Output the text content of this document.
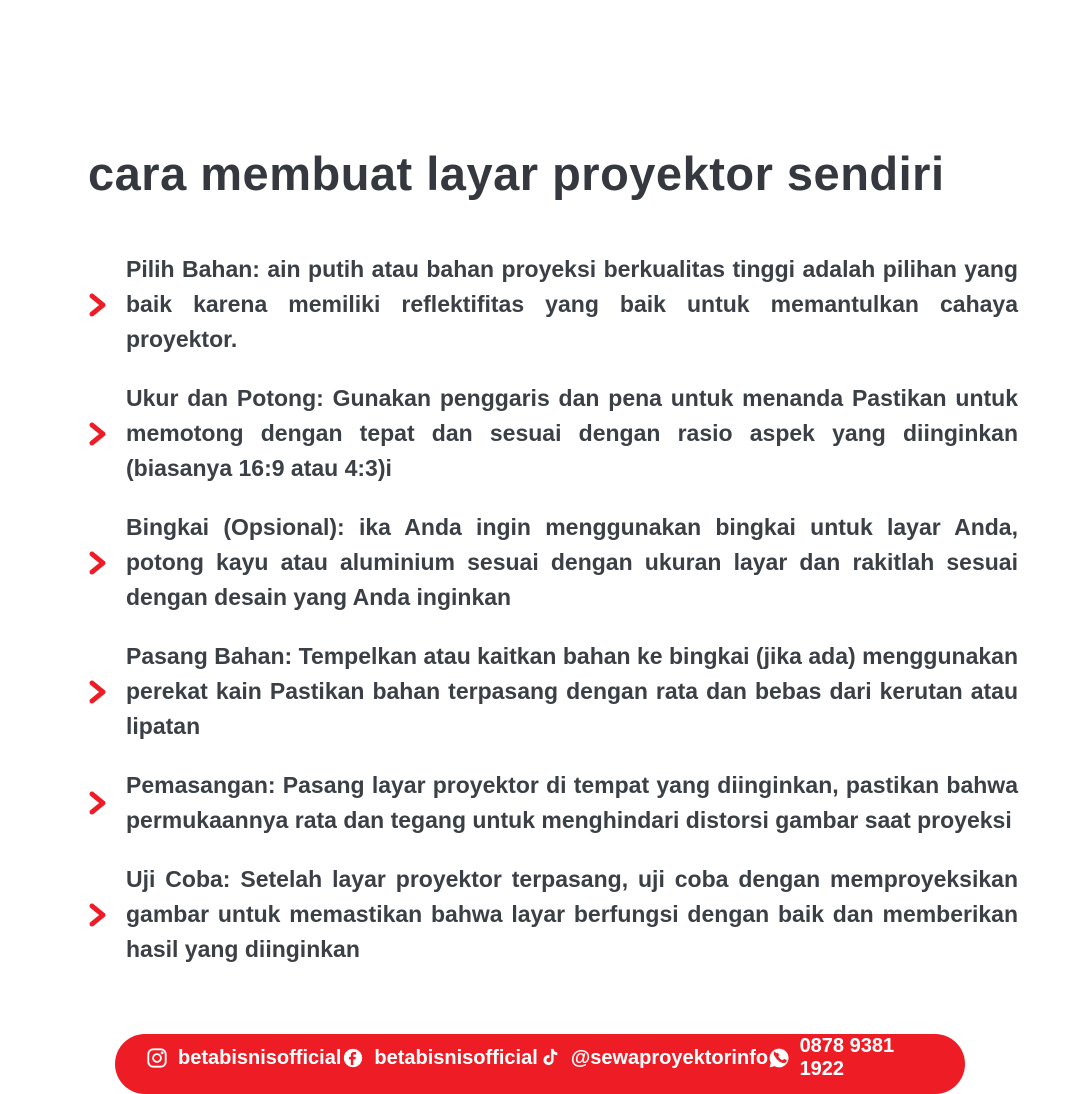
cara membuat layar proyektor sendiri

Pilih Bahan: ain putih atau bahan proyeksi berkualitas tinggi adalah pilihan yang baik karena memiliki reflektifitas yang baik untuk memantulkan cahaya proyektor.

Ukur dan Potong: Gunakan penggaris dan pena untuk menanda Pastikan untuk memotong dengan tepat dan sesuai dengan rasio aspek yang diinginkan (biasanya 16:9 atau 4:3)i

Bingkai (Opsional): ika Anda ingin menggunakan bingkai untuk layar Anda, potong kayu atau aluminium sesuai dengan ukuran layar dan rakitlah sesuai dengan desain yang Anda inginkan

Pasang Bahan: Tempelkan atau kaitkan bahan ke bingkai (jika ada) menggunakan perekat kain Pastikan bahan terpasang dengan rata dan bebas dari kerutan atau lipatan

Pemasangan: Pasang layar proyektor di tempat yang diinginkan, pastikan bahwa permukaannya rata dan tegang untuk menghindari distorsi gambar saat proyeksi

Uji Coba: Setelah layar proyektor terpasang, uji coba dengan memproyeksikan gambar untuk memastikan bahwa layar berfungsi dengan baik dan memberikan hasil yang diinginkan

betabisnisofficial betabisnisofficial @sewaproyektorinfo
0878 9381 1922
